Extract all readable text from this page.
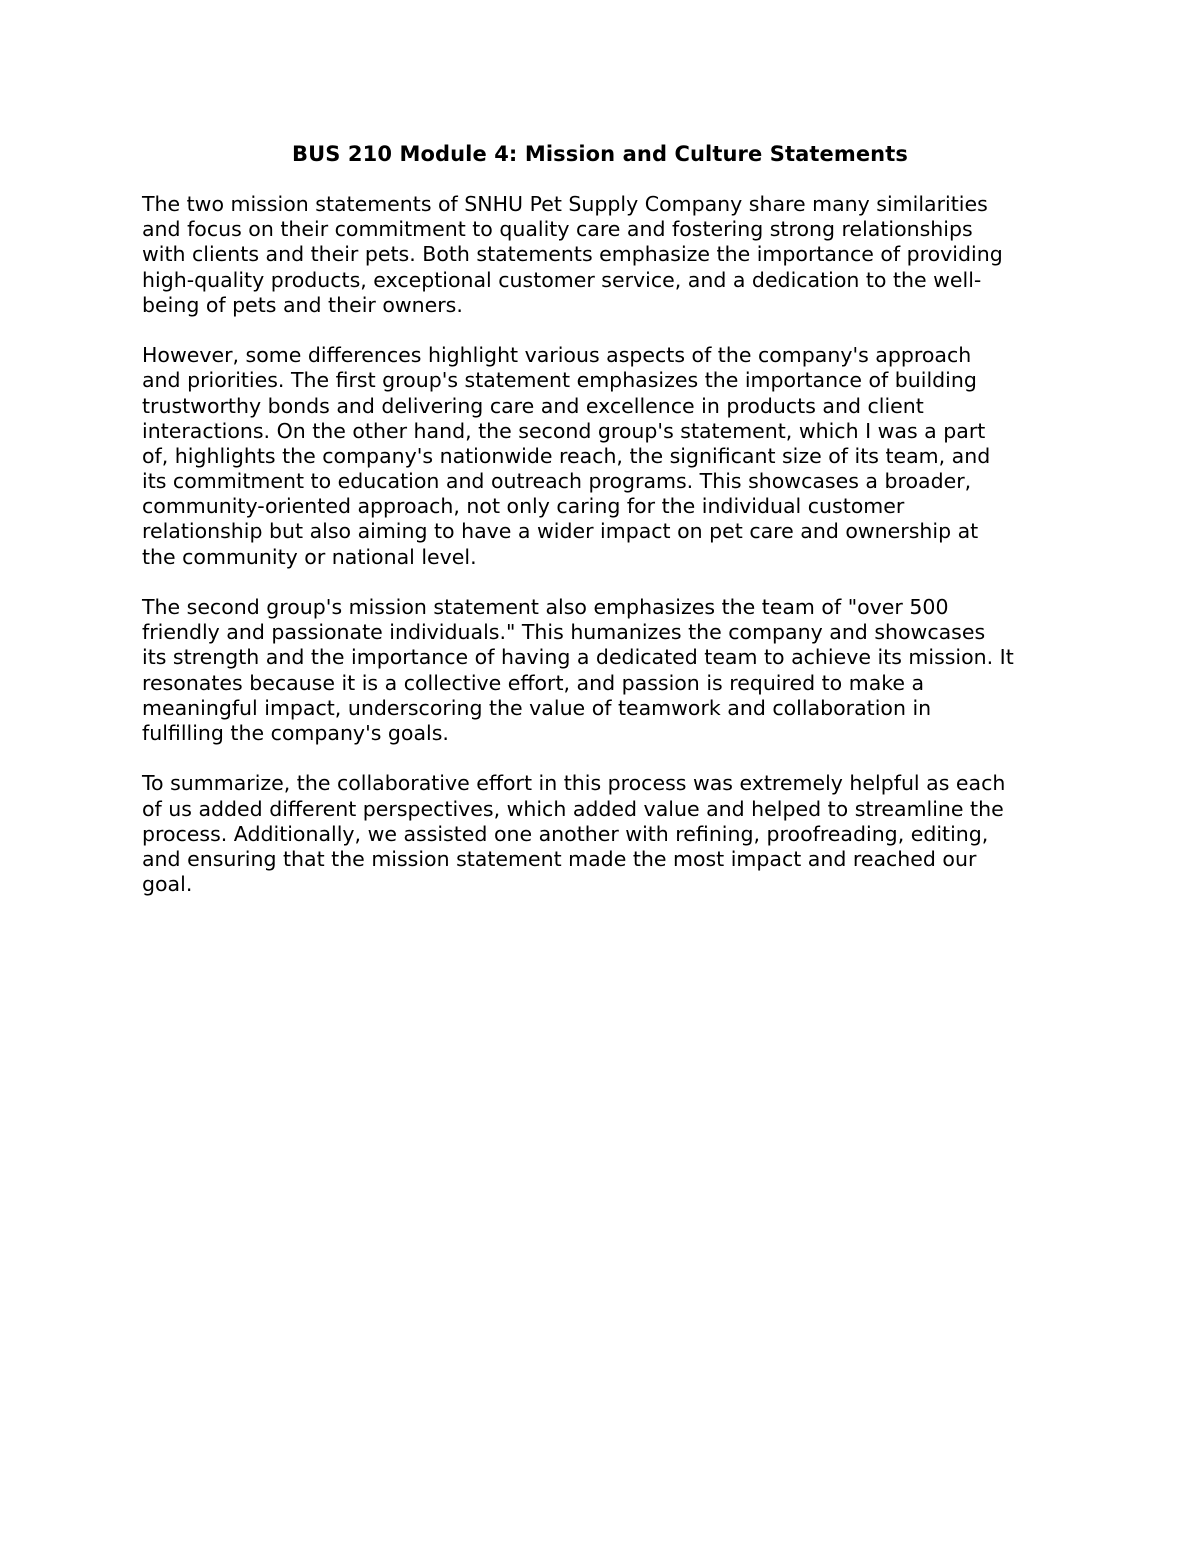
BUS 210 Module 4: Mission and Culture Statements

The two mission statements of SNHU Pet Supply Company share many similarities
and focus on their commitment to quality care and fostering strong relationships
with clients and their pets. Both statements emphasize the importance of providing
high-quality products, exceptional customer service, and a dedication to the well-
being of pets and their owners.

However, some differences highlight various aspects of the company's approach
and priorities. The first group's statement emphasizes the importance of building
trustworthy bonds and delivering care and excellence in products and client
interactions. On the other hand, the second group's statement, which I was a part
of, highlights the company's nationwide reach, the significant size of its team, and
its commitment to education and outreach programs. This showcases a broader,
community-oriented approach, not only caring for the individual customer
relationship but also aiming to have a wider impact on pet care and ownership at
the community or national level.

The second group's mission statement also emphasizes the team of "over 500
friendly and passionate individuals." This humanizes the company and showcases
its strength and the importance of having a dedicated team to achieve its mission. It
resonates because it is a collective effort, and passion is required to make a
meaningful impact, underscoring the value of teamwork and collaboration in
fulfilling the company's goals.

To summarize, the collaborative effort in this process was extremely helpful as each
of us added different perspectives, which added value and helped to streamline the
process. Additionally, we assisted one another with refining, proofreading, editing,
and ensuring that the mission statement made the most impact and reached our
goal.
